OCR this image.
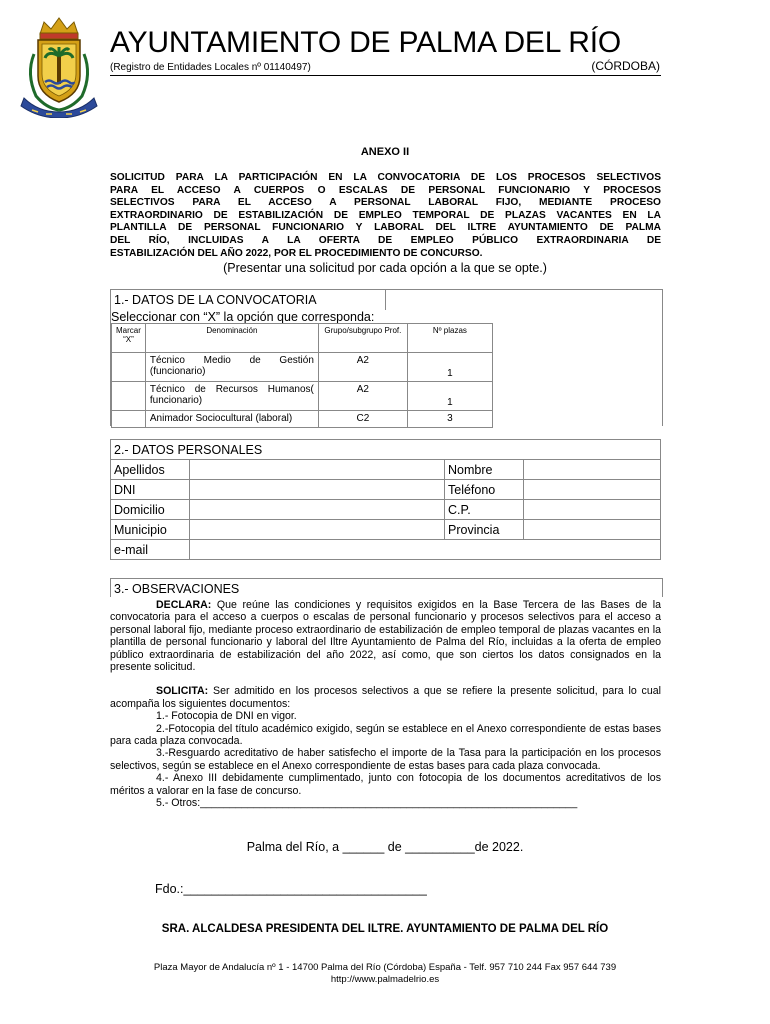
AYUNTAMIENTO DE PALMA DEL RÍO
(Registro de Entidades Locales nº 01140497)	(CÓRDOBA)
ANEXO II
SOLICITUD PARA LA PARTICIPACIÓN EN LA CONVOCATORIA DE LOS PROCESOS SELECTIVOS
PARA EL ACCESO A CUERPOS O ESCALAS DE PERSONAL FUNCIONARIO Y PROCESOS
SELECTIVOS PARA EL ACCESO A PERSONAL LABORAL FIJO, MEDIANTE PROCESO
EXTRAORDINARIO DE ESTABILIZACIÓN DE EMPLEO TEMPORAL DE PLAZAS VACANTES EN LA
PLANTILLA DE PERSONAL FUNCIONARIO Y LABORAL DEL ILTRE AYUNTAMIENTO DE PALMA
DEL RÍO, INCLUIDAS A LA OFERTA DE EMPLEO PÚBLICO EXTRAORDINARIA DE
ESTABILIZACIÓN DEL AÑO 2022, POR EL PROCEDIMIENTO DE CONCURSO.
(Presentar una solicitud por cada opción a la que se opte.)
1.- DATOS DE LA CONVOCATORIA
Seleccionar con “X” la opción que corresponda:
Marcar “X”	Denominación	Grupo/subgrupo Prof.	Nº plazas
	Técnico Medio de Gestión (funcionario)	A2	1
	Técnico de Recursos Humanos( funcionario)	A2	1
	Animador Sociocultural (laboral)	C2	3
2.- DATOS PERSONALES			
Apellidos		Nombre	
DNI		Teléfono	
Domicilio		C.P.	
Municipio		Provincia	
e-mail			
3.- OBSERVACIONES

DECLARA: Que reúne las condiciones y requisitos exigidos en la Base Tercera de las Bases de la convocatoria para el acceso a cuerpos o escalas de personal funcionario y procesos selectivos para el acceso a personal laboral fijo, mediante proceso extraordinario de estabilización de empleo temporal de plazas vacantes en la plantilla de personal funcionario y laboral del Iltre Ayuntamiento de Palma del Río, incluidas a la oferta de empleo público extraordinaria de estabilización del año 2022, así como, que son ciertos los datos consignados en la presente solicitud.

SOLICITA: Ser admitido en los procesos selectivos a que se refiere la presente solicitud, para lo cual acompaña los siguientes documentos:

1.- Fotocopia de DNI en vigor.

2.-Fotocopia del título académico exigido, según se establece en el Anexo correspondiente de estas bases para cada plaza convocada.

3.-Resguardo acreditativo de haber satisfecho el importe de la Tasa para la participación en los procesos selectivos, según se establece en el Anexo correspondiente de estas bases para cada plaza convocada.

4.- Anexo III debidamente cumplimentado, junto con fotocopia de los documentos acreditativos de los méritos a valorar en la fase de concurso.

5.- Otros:________________________________________________________________

Palma del Río, a ______ de __________de 2022.
Fdo.:___________________________________
SRA. ALCALDESA PRESIDENTA DEL ILTRE. AYUNTAMIENTO DE PALMA DEL RÍO
Plaza Mayor de Andalucía nº 1 - 14700 Palma del Río (Córdoba) España - Telf. 957 710 244 Fax 957 644 739
http://www.palmadelrio.es
